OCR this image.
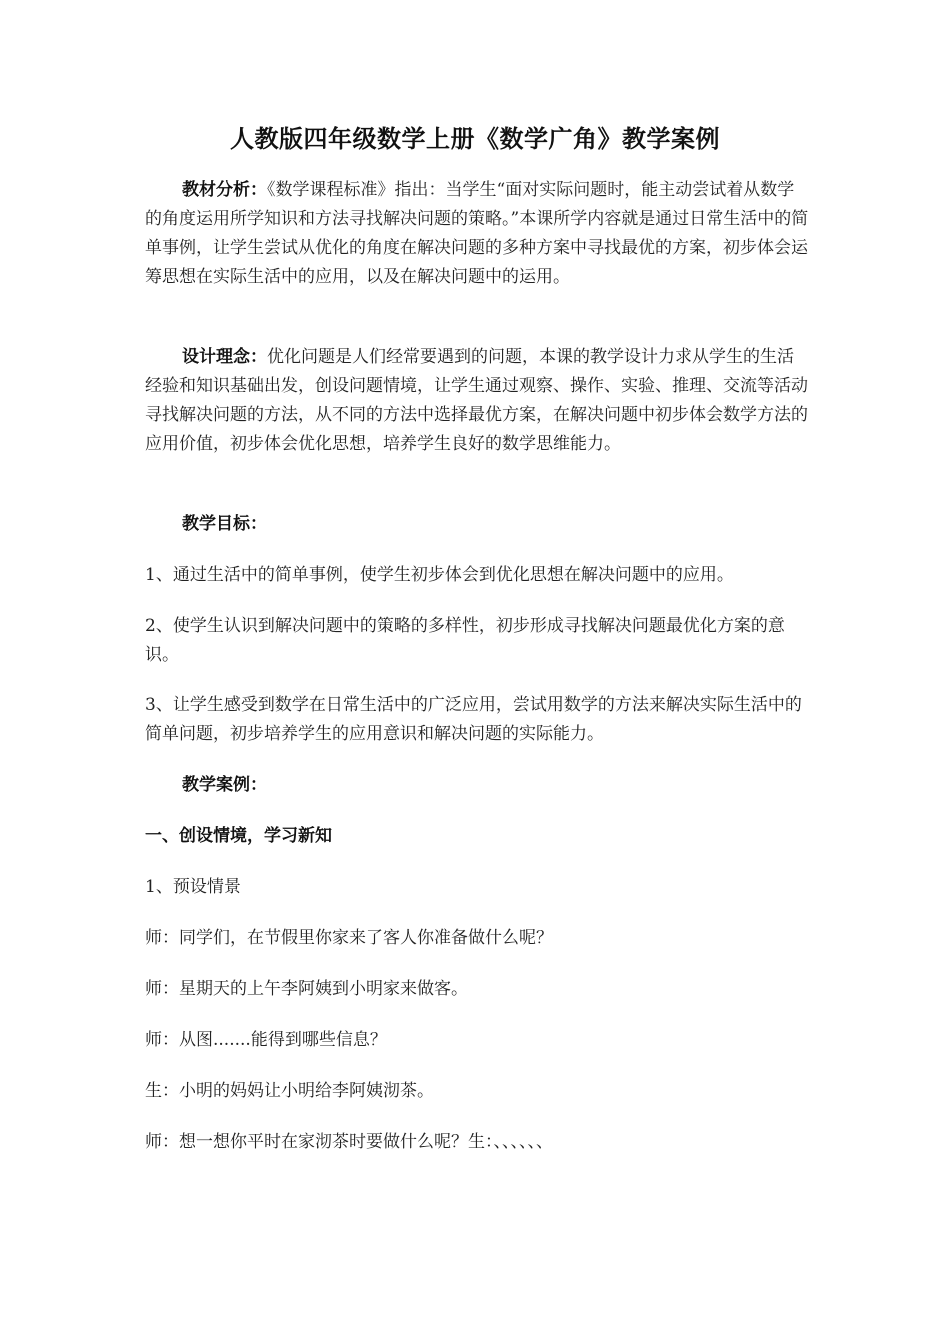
人教版四年级数学上册《数学广角》教学案例

教材分析：《数学课程标准》指出：当学生“面对实际问题时，能主动尝试着从数学的角度运用所学知识和方法寻找解决问题的策略。”本课所学内容就是通过日常生活中的简单事例，让学生尝试从优化的角度在解决问题的多种方案中寻找最优的方案，初步体会运筹思想在实际生活中的应用，以及在解决问题中的运用。

设计理念：优化问题是人们经常要遇到的问题，本课的教学设计力求从学生的生活经验和知识基础出发，创设问题情境，让学生通过观察、操作、实验、推理、交流等活动寻找解决问题的方法，从不同的方法中选择最优方案，在解决问题中初步体会数学方法的应用价值，初步体会优化思想，培养学生良好的数学思维能力。

教学目标：

1、通过生活中的简单事例，使学生初步体会到优化思想在解决问题中的应用。

2、使学生认识到解决问题中的策略的多样性，初步形成寻找解决问题最优化方案的意识。

3、让学生感受到数学在日常生活中的广泛应用，尝试用数学的方法来解决实际生活中的简单问题，初步培养学生的应用意识和解决问题的实际能力。

教学案例：

一、创设情境，学习新知

1、预设情景

师：同学们，在节假里你家来了客人你准备做什么呢？

师：星期天的上午李阿姨到小明家来做客。

师：从图.......能得到哪些信息？

生：小明的妈妈让小明给李阿姨沏茶。

师：想一想你平时在家沏茶时要做什么呢？生：、、、、、、
